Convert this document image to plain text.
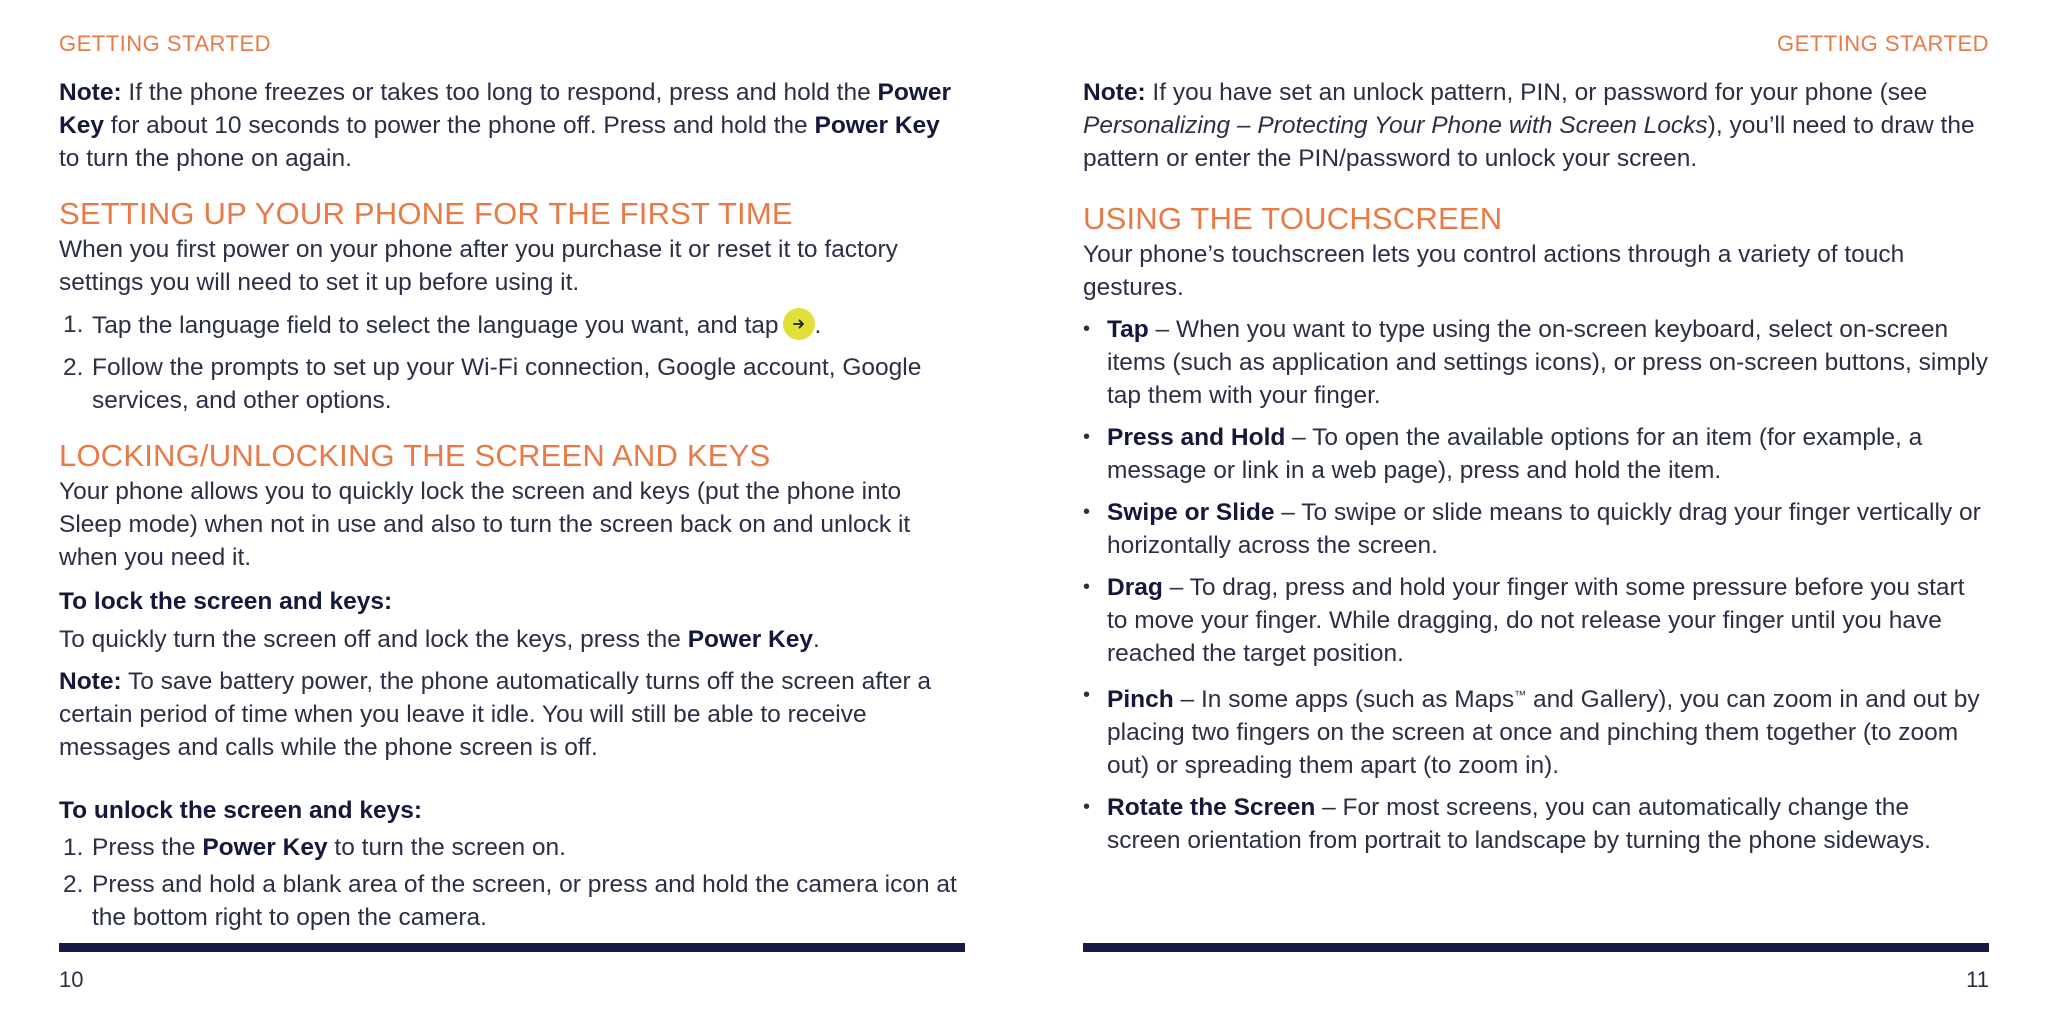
GETTING STARTED

Note: If the phone freezes or takes too long to respond, press and hold the Power Key for about 10 seconds to power the phone off. Press and hold the Power Key to turn the phone on again.

SETTING UP YOUR PHONE FOR THE FIRST TIME

When you first power on your phone after you purchase it or reset it to factory settings you will need to set it up before using it.

1. Tap the language field to select the language you want, and tap .
2. Follow the prompts to set up your Wi-Fi connection, Google account, Google services, and other options.
LOCKING/UNLOCKING THE SCREEN AND KEYS

Your phone allows you to quickly lock the screen and keys (put the phone into Sleep mode) when not in use and also to turn the screen back on and unlock it when you need it.

To lock the screen and keys:

To quickly turn the screen off and lock the keys, press the Power Key.

Note: To save battery power, the phone automatically turns off the screen after a certain period of time when you leave it idle. You will still be able to receive messages and calls while the phone screen is off.

To unlock the screen and keys:
1. Press the Power Key to turn the screen on.
2. Press and hold a blank area of the screen, or press and hold the camera icon at the bottom right to open the camera.
10
GETTING STARTED

Note: If you have set an unlock pattern, PIN, or password for your phone (see Personalizing – Protecting Your Phone with Screen Locks), you’ll need to draw the pattern or enter the PIN/password to unlock your screen.

USING THE TOUCHSCREEN

Your phone’s touchscreen lets you control actions through a variety of touch gestures.

• Tap – When you want to type using the on-screen keyboard, select on-screen items (such as application and settings icons), or press on-screen buttons, simply tap them with your finger.
• Press and Hold – To open the available options for an item (for example, a message or link in a web page), press and hold the item.
• Swipe or Slide – To swipe or slide means to quickly drag your finger vertically or horizontally across the screen.
• Drag – To drag, press and hold your finger with some pressure before you start to move your finger. While dragging, do not release your finger until you have reached the target position.
• Pinch – In some apps (such as Maps™ and Gallery), you can zoom in and out by placing two fingers on the screen at once and pinching them together (to zoom out) or spreading them apart (to zoom in).
• Rotate the Screen – For most screens, you can automatically change the screen orientation from portrait to landscape by turning the phone sideways.
11
